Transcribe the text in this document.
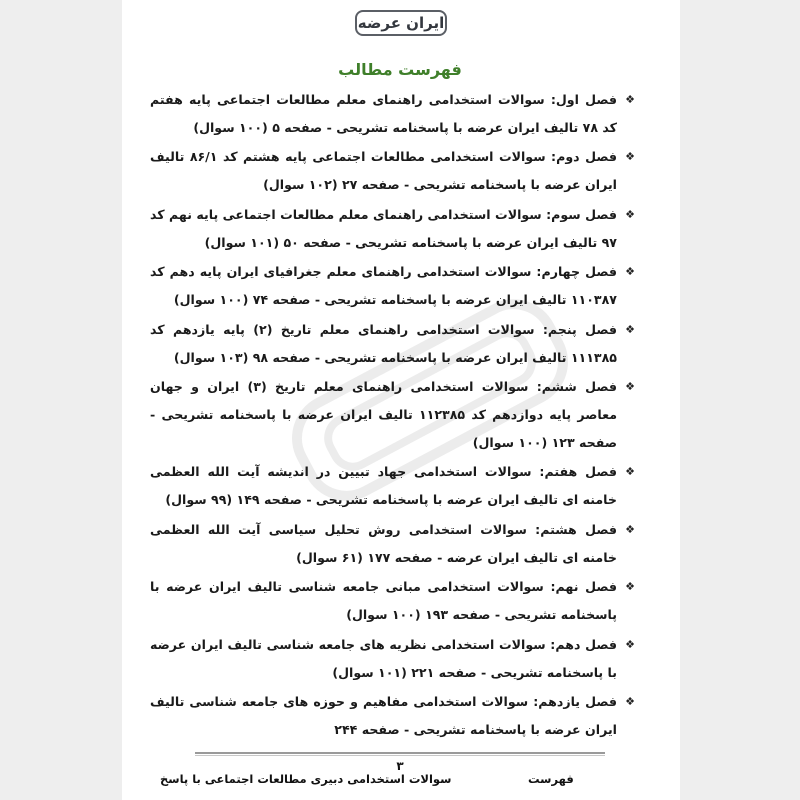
ایران عرضه
فهرست مطالب
❖
فصل اول: سوالات استخدامی راهنمای معلم مطالعات اجتماعی پایه هفتم کد ۷۸ تالیف ایران عرضه با پاسخنامه تشریحی - صفحه ۵ (۱۰۰ سوال)
❖
فصل دوم: سوالات استخدامی مطالعات اجتماعی پایه هشتم کد ۸۶/۱ تالیف ایران عرضه با پاسخنامه تشریحی - صفحه ۲۷ (۱۰۲ سوال)
❖
فصل سوم: سوالات استخدامی راهنمای معلم مطالعات اجتماعی پایه نهم کد ۹۷ تالیف ایران عرضه با پاسخنامه تشریحی - صفحه ۵۰ (۱۰۱ سوال)
❖
فصل چهارم: سوالات استخدامی راهنمای معلم جغرافیای ایران پایه دهم کد ۱۱۰۳۸۷ تالیف ایران عرضه با پاسخنامه تشریحی - صفحه ۷۴ (۱۰۰ سوال)
❖
فصل پنجم: سوالات استخدامی راهنمای معلم تاریخ (۲) پایه یازدهم کد ۱۱۱۳۸۵ تالیف ایران عرضه با پاسخنامه تشریحی - صفحه ۹۸ (۱۰۳ سوال)
❖
فصل ششم: سوالات استخدامی راهنمای معلم تاریخ (۳) ایران و جهان معاصر پایه دوازدهم کد ۱۱۲۳۸۵ تالیف ایران عرضه با پاسخنامه تشریحی - صفحه ۱۲۳ (۱۰۰ سوال)
❖
فصل هفتم: سوالات استخدامی جهاد تبیین در اندیشه آیت الله العظمی خامنه ای تالیف ایران عرضه با پاسخنامه تشریحی - صفحه ۱۴۹ (۹۹ سوال)
❖
فصل هشتم: سوالات استخدامی روش تحلیل سیاسی آیت الله العظمی خامنه ای تالیف ایران عرضه - صفحه ۱۷۷ (۶۱ سوال)
❖
فصل نهم: سوالات استخدامی مبانی جامعه شناسی تالیف ایران عرضه با پاسخنامه تشریحی - صفحه ۱۹۳ (۱۰۰ سوال)
❖
فصل دهم: سوالات استخدامی نظریه های جامعه شناسی تالیف ایران عرضه با پاسخنامه تشریحی - صفحه ۲۲۱ (۱۰۱ سوال)
❖
فصل یازدهم: سوالات استخدامی مفاهیم و حوزه های جامعه شناسی تالیف ایران عرضه با پاسخنامه تشریحی - صفحه ۲۴۴
۳
سوالات استخدامی دبیری مطالعات اجتماعی با پاسخ	فهرست
